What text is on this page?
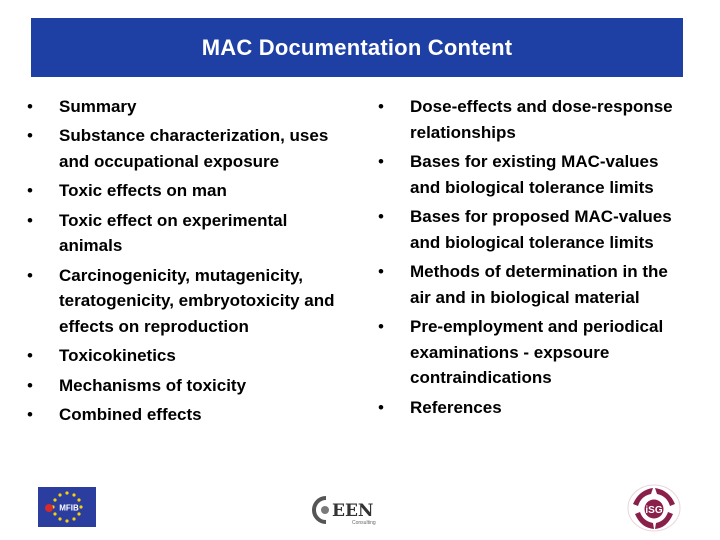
MAC Documentation Content
• Summary
• Substance characterization, uses and occupational exposure
• Toxic effects on man
• Toxic effect on experimental animals
• Carcinogenicity, mutagenicity, teratogenicity, embryotoxicity and effects on reproduction
• Toxicokinetics
• Mechanisms of toxicity
• Combined effects
• Dose-effects and dose-response relationships
• Bases for existing MAC-values and biological tolerance limits
• Bases for proposed MAC-values and biological tolerance limits
• Methods of determination in the air and in biological material
• Pre-employment and periodical examinations - expsoure contraindications
• References
MFIB	EEN
Consulting
iSG
